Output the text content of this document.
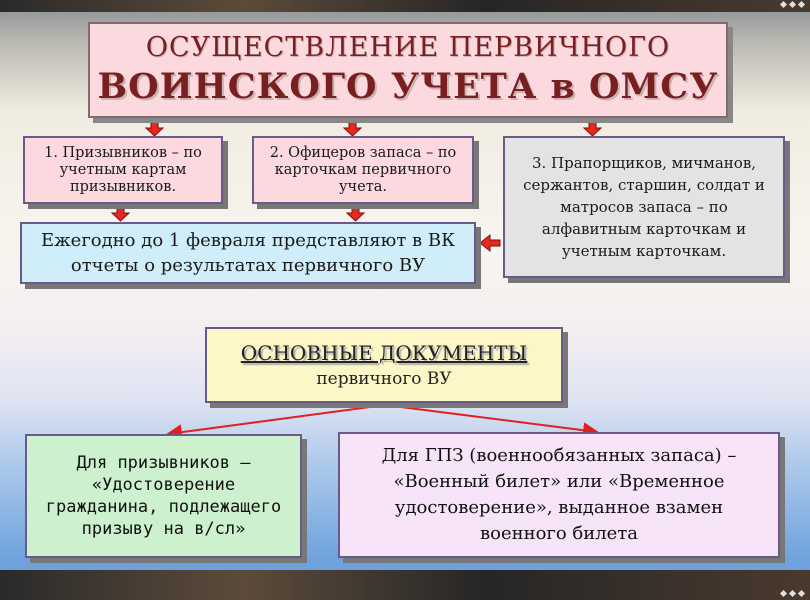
ОСУЩЕСТВЛЕНИЕ ПЕРВИЧНОГО
ВОИНСКОГО УЧЕТА в ОМСУ
1. Призывников – по учетным картам призывников.
2. Офицеров запаса – по карточкам первичного учета.
3. Прапорщиков, мичманов, сержантов, старшин, солдат и матросов запаса – по алфавитным карточкам и учетным карточкам.
Ежегодно до 1 февраля представляют в ВК отчеты о результатах первичного ВУ
ОСНОВНЫЕ ДОКУМЕНТЫ
первичного ВУ
Для призывников – «Удостоверение гражданина, подлежащего призыву на в/сл»
Для ГПЗ (военнообязанных запаса) – «Военный билет» или «Временное удостоверение», выданное взамен военного билета
